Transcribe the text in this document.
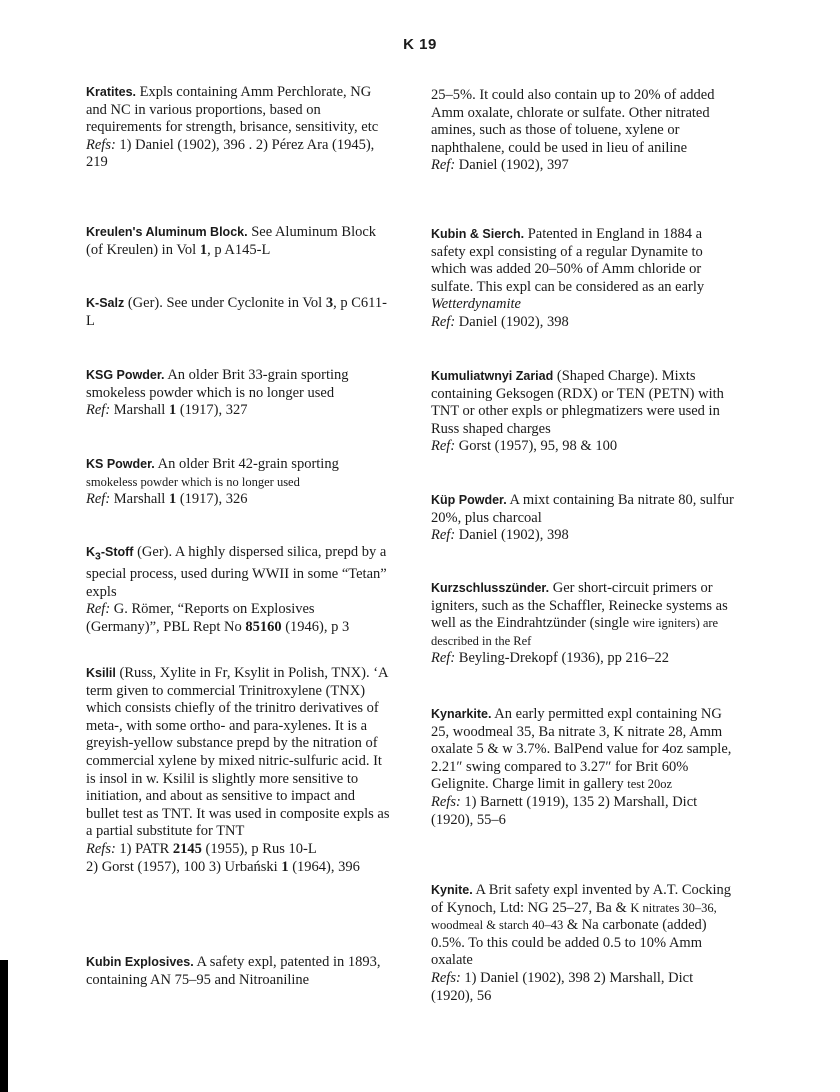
K 19

Kratites. Expls containing Amm Perchlorate, NG and NC in various proportions, based on requirements for strength, brisance, sensitivity, etc

Refs: 1) Daniel (1902), 396 . 2) Pérez Ara (1945), 219

Kreulen's Aluminum Block. See Aluminum Block (of Kreulen) in Vol 1, p A145-L

K-Salz (Ger). See under Cyclonite in Vol 3, p C611-L

KSG Powder. An older Brit 33-grain sporting smokeless powder which is no longer used

Ref: Marshall 1 (1917), 327

KS Powder. An older Brit 42-grain sporting smokeless powder which is no longer used

Ref: Marshall 1 (1917), 326

$K_3$-Stoff (Ger). A highly dispersed silica, prepd by a special process, used during WWII in some “Tetan” expls

Ref: G. Römer, “Reports on Explosives (Germany)”, PBL Rept No 85160 (1946), p 3

Ksilil (Russ, Xylite in Fr, Ksylit in Polish, TNX). ‘A term given to commercial Trinitroxylene (TNX) which consists chiefly of the trinitro derivatives of meta-, with some ortho- and para-xylenes. It is a greyish-yellow substance prepd by the nitration of commercial xylene by mixed nitric-sulfuric acid. It is insol in w. Ksilil is slightly more sensitive to initiation, and about as sensitive to impact and bullet test as TNT. It was used in composite expls as a partial substitute for TNT

Refs: 1) PATR 2145 (1955), p Rus 10-L

2) Gorst (1957), 100 3) Urbański 1 (1964), 396

Kubin Explosives. A safety expl, patented in 1893, containing AN 75–95 and Nitroaniline

25–5%. It could also contain up to 20% of added Amm oxalate, chlorate or sulfate. Other nitrated amines, such as those of toluene, xylene or naphthalene, could be used in lieu of aniline

Ref: Daniel (1902), 397

Kubin & Sierch. Patented in England in 1884 a safety expl consisting of a regular Dynamite to which was added 20–50% of Amm chloride or sulfate. This expl can be considered as an early Wetterdynamite

Ref: Daniel (1902), 398

Kumuliatwnyi Zariad (Shaped Charge). Mixts containing Geksogen (RDX) or TEN (PETN) with TNT or other expls or phlegmatizers were used in Russ shaped charges

Ref: Gorst (1957), 95, 98 & 100

Küp Powder. A mixt containing Ba nitrate 80, sulfur 20%, plus charcoal

Ref: Daniel (1902), 398

Kurzschlusszünder. Ger short-circuit primers or igniters, such as the Schaffler, Reinecke systems as well as the Eindrahtzünder (single wire igniters) are described in the Ref

Ref: Beyling-Drekopf (1936), pp 216–22

Kynarkite. An early permitted expl containing NG 25, woodmeal 35, Ba nitrate 3, K nitrate 28, Amm oxalate 5 & w 3.7%. BalPend value for 4oz sample, 2.21″ swing compared to 3.27″ for Brit 60% Gelignite. Charge limit in gallery test 20oz

Refs: 1) Barnett (1919), 135 2) Marshall, Dict (1920), 55–6

Kynite. A Brit safety expl invented by A.T. Cocking of Kynoch, Ltd: NG 25–27, Ba & K nitrates 30–36, woodmeal & starch 40–43 & Na carbonate (added) 0.5%. To this could be added 0.5 to 10% Amm oxalate

Refs: 1) Daniel (1902), 398 2) Marshall, Dict (1920), 56
